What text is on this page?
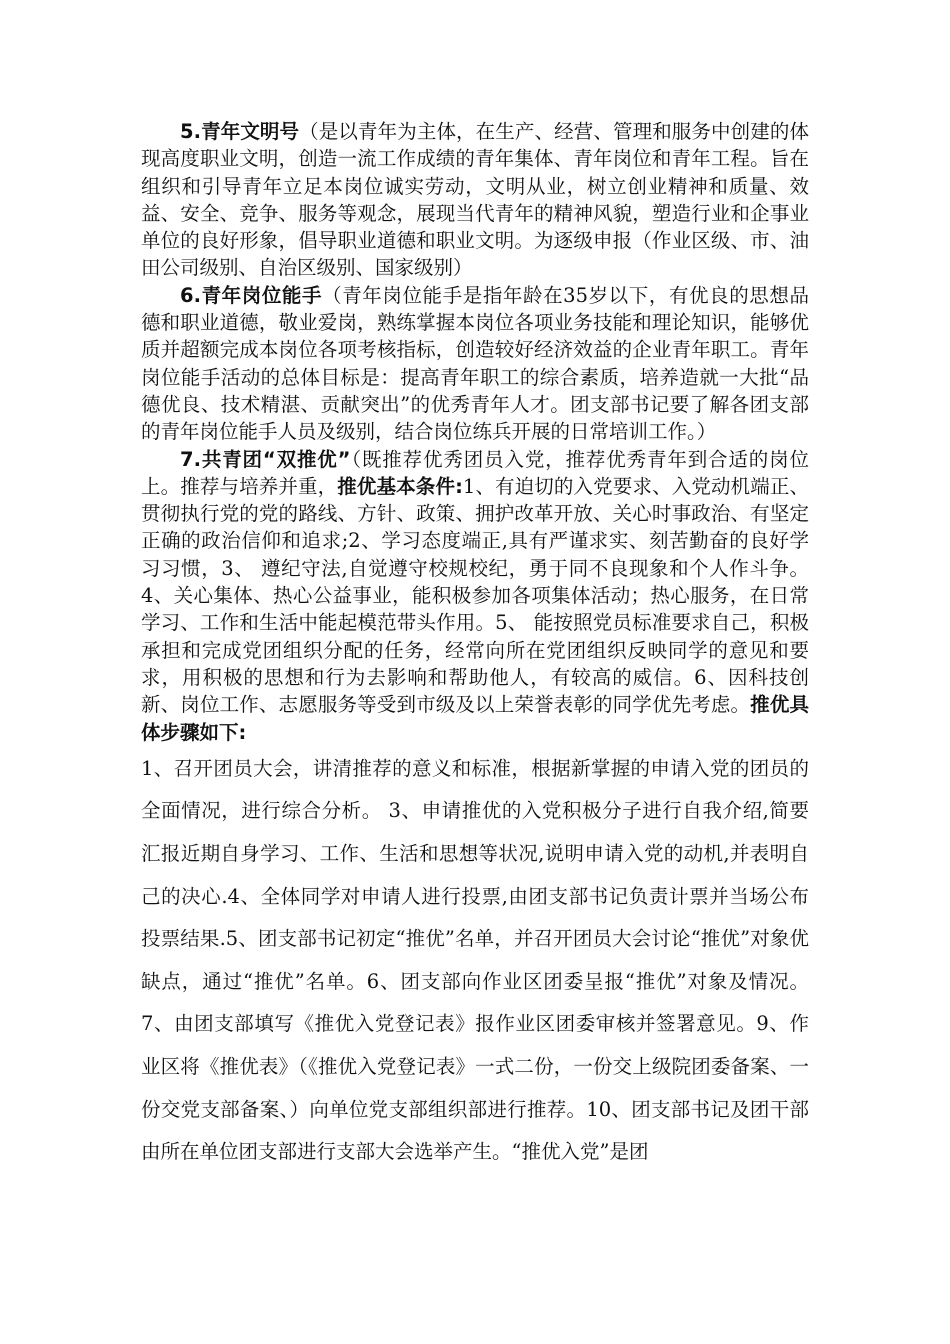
5.青年文明号（是以青年为主体，在生产、经营、管理和服务中创建的体现高度职业文明，创造一流工作成绩的青年集体、青年岗位和青年工程。旨在组织和引导青年立足本岗位诚实劳动，文明从业，树立创业精神和质量、效益、安全、竞争、服务等观念，展现当代青年的精神风貌，塑造行业和企事业单位的良好形象，倡导职业道德和职业文明。为逐级申报（作业区级、市、油田公司级别、自治区级别、国家级别）

6.青年岗位能手（青年岗位能手是指年龄在35岁以下，有优良的思想品德和职业道德，敬业爱岗，熟练掌握本岗位各项业务技能和理论知识，能够优质并超额完成本岗位各项考核指标，创造较好经济效益的企业青年职工。青年岗位能手活动的总体目标是：提高青年职工的综合素质，培养造就一大批“品德优良、技术精湛、贡献突出”的优秀青年人才。团支部书记要了解各团支部的青年岗位能手人员及级别，结合岗位练兵开展的日常培训工作。）

7.共青团“双推优”（既推荐优秀团员入党，推荐优秀青年到合适的岗位上。推荐与培养并重，推优基本条件:1、有迫切的入党要求、入党动机端正、贯彻执行党的党的路线、方针、政策、拥护改革开放、关心时事政治、有坚定正确的政治信仰和追求;2、学习态度端正,具有严谨求实、刻苦勤奋的良好学习习惯，3、 遵纪守法,自觉遵守校规校纪，勇于同不良现象和个人作斗争。4、关心集体、热心公益事业，能积极参加各项集体活动；热心服务，在日常学习、工作和生活中能起模范带头作用。5、 能按照党员标准要求自己，积极承担和完成党团组织分配的任务，经常向所在党团组织反映同学的意见和要求，用积极的思想和行为去影响和帮助他人，有较高的威信。6、因科技创新、岗位工作、志愿服务等受到市级及以上荣誉表彰的同学优先考虑。推优具体步骤如下:

1、召开团员大会，讲清推荐的意义和标准，根据新掌握的申请入党的团员的全面情况，进行综合分析。 3、申请推优的入党积极分子进行自我介绍,简要汇报近期自身学习、工作、生活和思想等状况,说明申请入党的动机,并表明自己的决心.4、全体同学对申请人进行投票,由团支部书记负责计票并当场公布投票结果.5、团支部书记初定“推优”名单，并召开团员大会讨论“推优”对象优缺点，通过“推优”名单。6、团支部向作业区团委呈报“推优”对象及情况。7、由团支部填写《推优入党登记表》报作业区团委审核并签署意见。9、作业区将《推优表》（《推优入党登记表》一式二份，一份交上级院团委备案、一份交党支部备案、）向单位党支部组织部进行推荐。10、团支部书记及团干部由所在单位团支部进行支部大会选举产生。“推优入党”是团
